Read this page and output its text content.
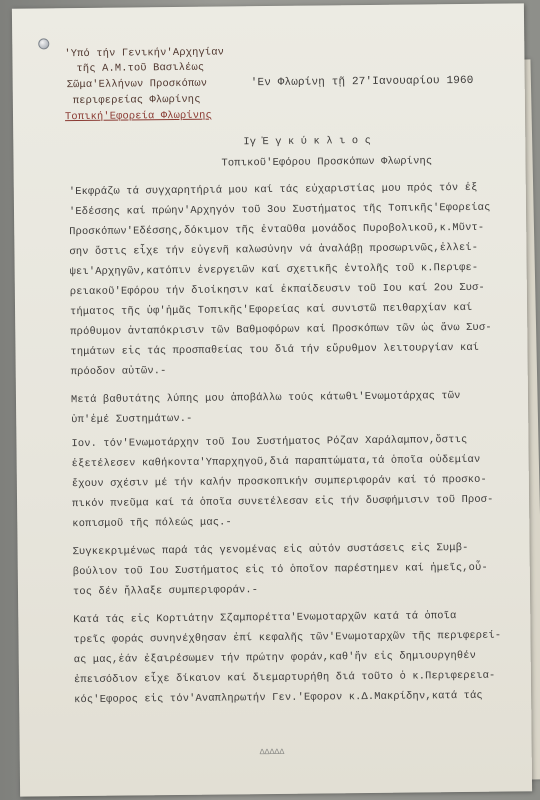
'Υπό τήν Γενικήν'Αρχηγίαν
τῆς Α.Μ.τοῦ Βασιλέως
Σῶμα'Ελλήνων Προσκόπων	'Εν Φλωρίνῃ τῇ 27'Ιανουαρίου 1960
περιφερείας Φλωρίνης
Τοπική'Εφορεία Φλωρίνης
Ιγ Ἐ γ κ ύ κ λ ι ο ς
Τοπικοῦ'Εφόρου Προσκόπων Φλωρίνης
'Εκφράζω τά συγχαρητήριά μου καί τάς εὐχαριστίας μου πρός τόν ἐξ
'Εδέσσης καί πρώην'Αρχηγόν τοῦ 3ου Συστήματος τῆς Τοπικῆς'Εφορείας
Προσκόπων'Εδέσσης,δόκιμον τῆς ἐνταῦθα μονάδος Πυροβολικοῦ,κ.Μῦντ-
σην ὅστις εἶχε τήν εὐγενῆ καλωσύνην νά ἀναλάβῃ προσωρινῶς,ἐλλεί-
ψει'Αρχηγῶν,κατόπιν ἐνεργειῶν καί σχετικῆς ἐντολῆς τοῦ κ.Περιφε-
ρειακοῦ'Εφόρου τήν διοίκησιν καί ἐκπαίδευσιν τοῦ Ιου καί 2ου Συσ-
τήματος τῆς ὑφ'ἡμᾶς Τοπικῆς'Εφορείας καί συνιστῶ πειθαρχίαν καί
πρόθυμον ἀνταπόκρισιν τῶν Βαθμοφόρων καί Προσκόπων τῶν ὡς ἄνω Συσ-
τημάτων εἰς τάς προσπαθείας του διά τήν εὔρυθμον λειτουργίαν καί
πρόοδον αὐτῶν.-
Μετά βαθυτάτης λύπης μου ἀποβάλλω τούς κάτωθι'Ενωμοτάρχας τῶν
ὑπ'ἐμέ Συστημάτων.-
Ιον. τόν'Ενωμοτάρχην τοῦ Ιου Συστήματος Ρόζαν Χαράλαμπον,ὅστις
ἐξετέλεσεν καθήκοντα'Υπαρχηγοῦ,διά παραπτώματα,τά ὁποῖα οὐδεμίαν
ἔχουν σχέσιν μέ τήν καλήν προσκοπικήν συμπεριφοράν καί τό προσκο-
πικόν πνεῦμα καί τά ὁποῖα συνετέλεσαν εἰς τήν δυσφήμισιν τοῦ Προσ-
κοπισμοῦ τῆς πόλεώς μας.-
Συγκεκριμένως παρά τάς γενομένας εἰς αὐτόν συστάσεις εἰς Συμβ-
βούλιον τοῦ Ιου Συστήματος εἰς τό ὁποῖον παρέστημεν καί ἡμεῖς,οὗ-
τος δέν ἤλλαξε συμπεριφοράν.-
Κατά τάς εἰς Κορτιάτην Σζαμπορέττα'Ενωμοταρχῶν κατά τά ὁποῖα
τρεῖς φοράς συνηνέχθησαν ἐπί κεφαλῆς τῶν'Ενωμοταρχῶν τῆς περιφερεί-
ας μας,ἐάν ἐξαιρέσωμεν τήν πρώτην φοράν,καθ'ἥν εἰς δημιουργηθέν
ἐπεισόδιον εἶχε δίκαιον καί διεμαρτυρήθη διά τοῦτο ὁ κ.Περιφερεια-
κός'Εφορος εἰς τόν'Αναπληρωτήν Γεν.'Εφορον κ.Δ.Μακρίδην,κατά τάς
ΔΔΔΔΔ
